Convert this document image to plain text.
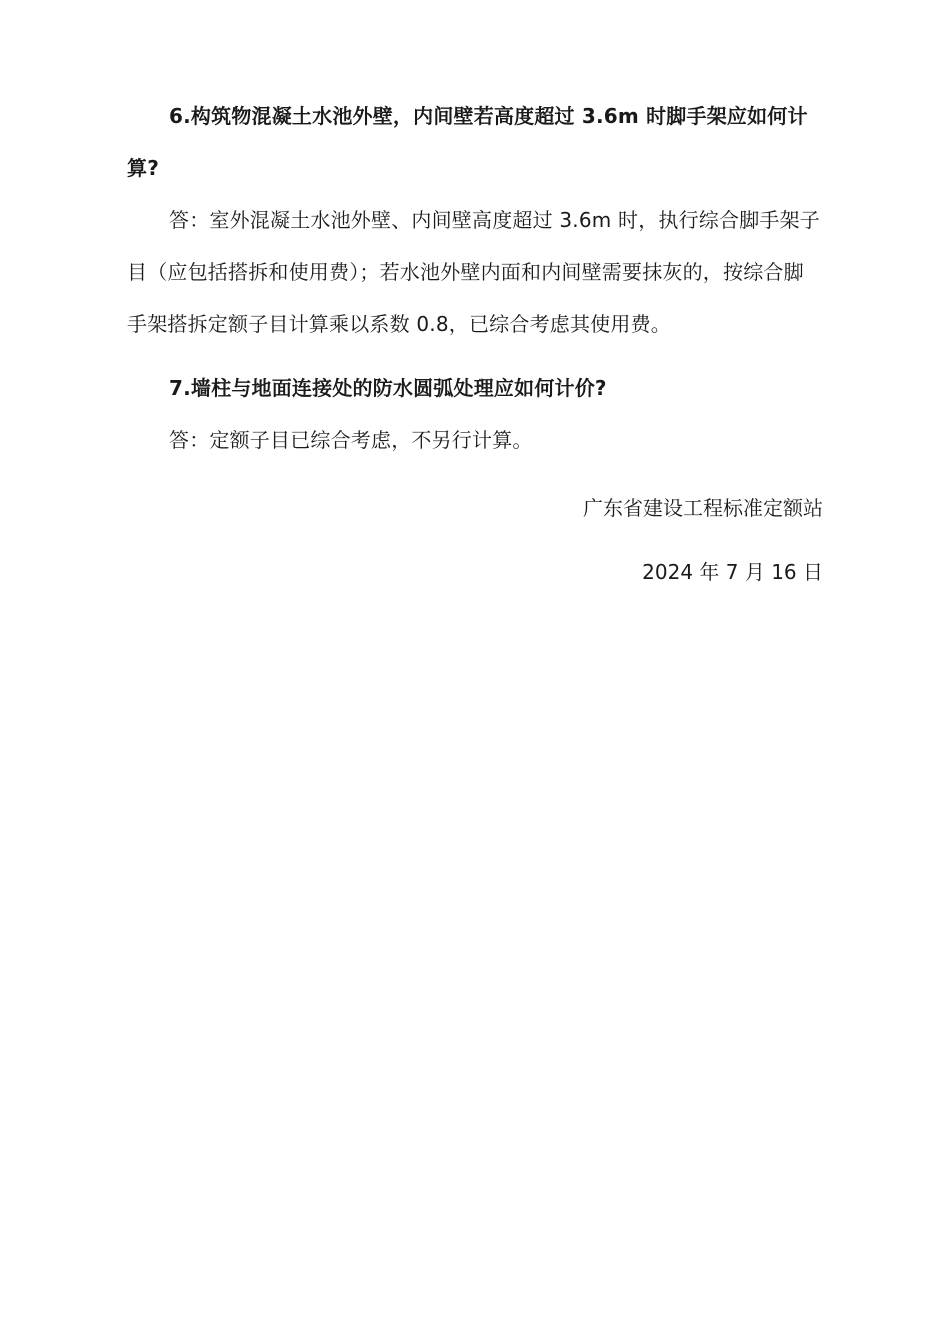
6.构筑物混凝土水池外壁，内间壁若高度超过 3.6m 时脚手架应如何计算?

答：室外混凝土水池外壁、内间壁高度超过 3.6m 时，执行综合脚手架子目（应包括搭拆和使用费）；若水池外壁内面和内间壁需要抹灰的，按综合脚手架搭拆定额子目计算乘以系数 0.8，已综合考虑其使用费。

7.墙柱与地面连接处的防水圆弧处理应如何计价?

答：定额子目已综合考虑，不另行计算。

广东省建设工程标准定额站

2024 年 7 月 16 日
